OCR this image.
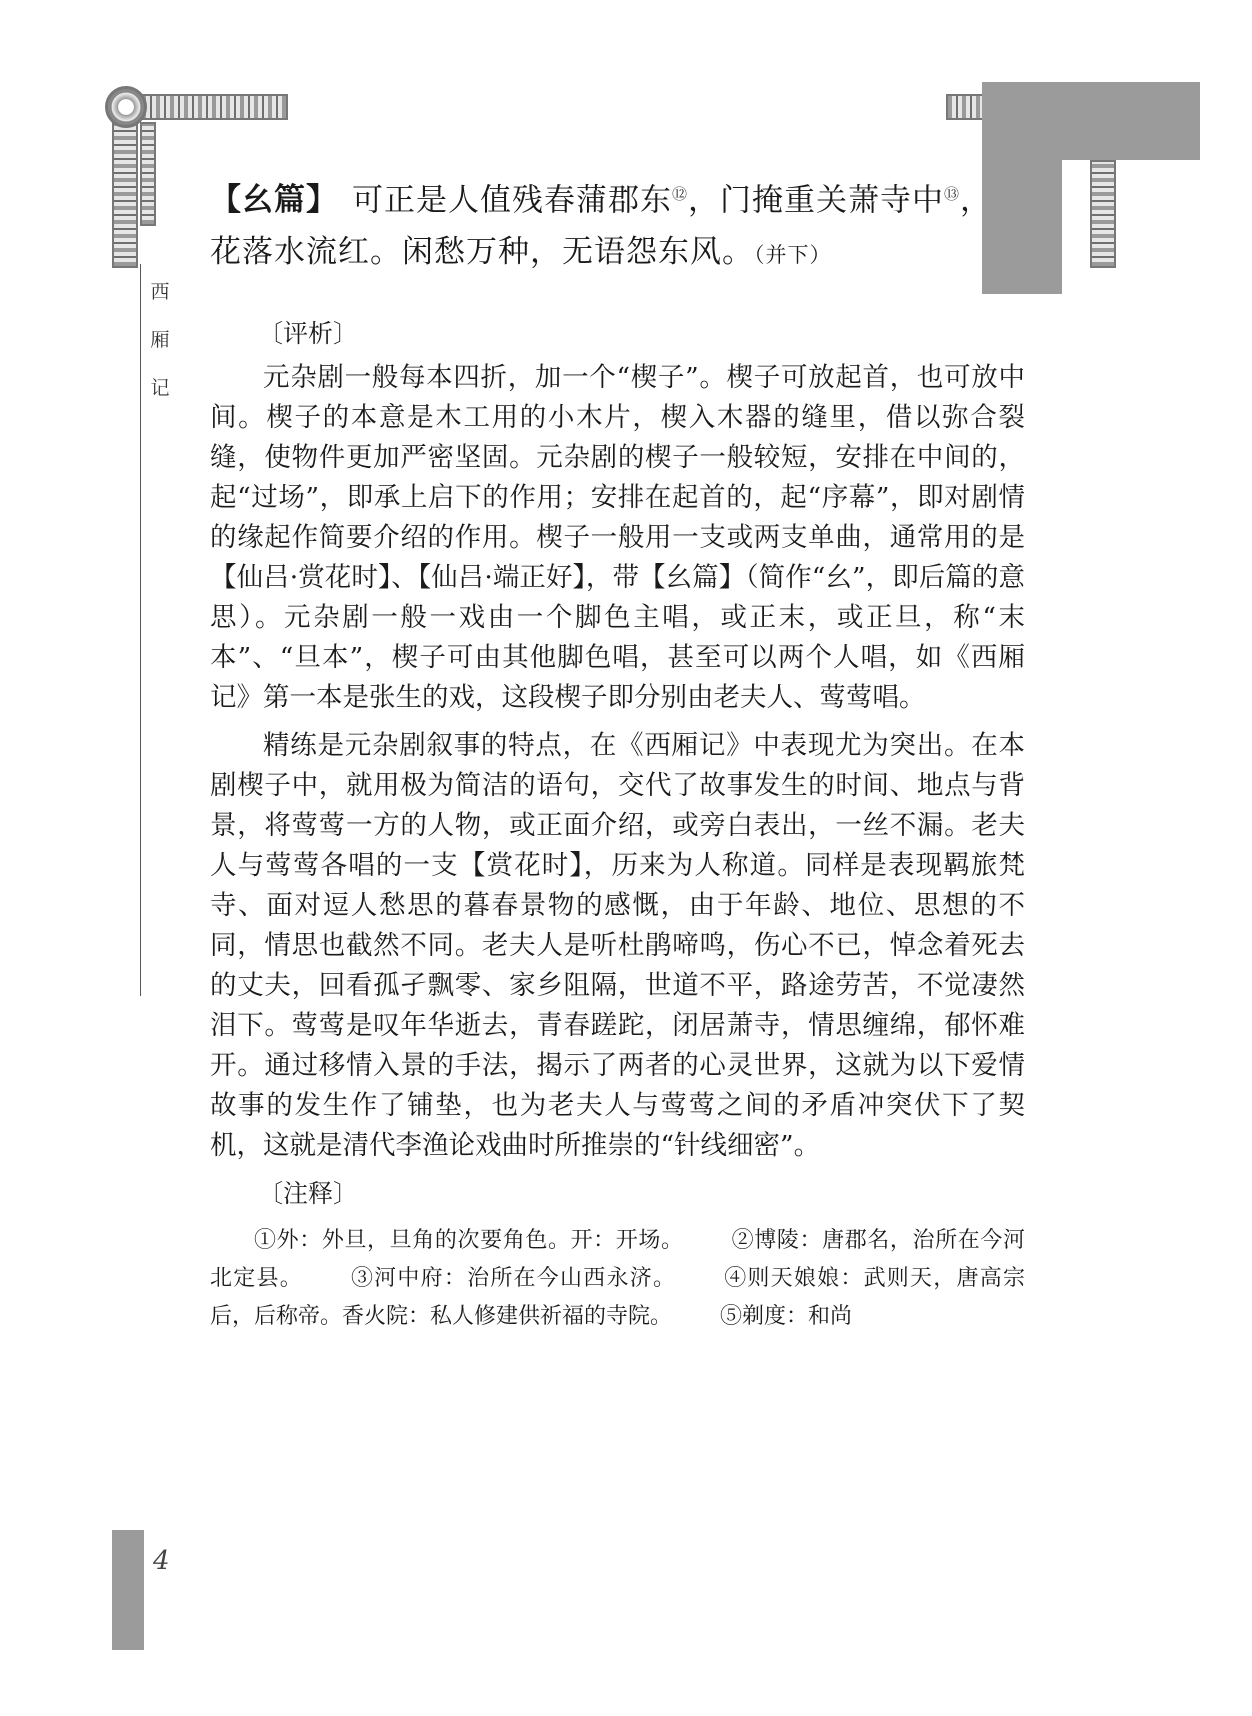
西
厢
记
【幺篇】 可正是人值残春蒲郡东⑫，门掩重关萧寺中⑬，
花落水流红。闲愁万种，无语怨东风。（并下）
〔评析〕

元杂剧一般每本四折，加一个“楔子”。楔子可放起首，也可放中间。楔子的本意是木工用的小木片，楔入木器的缝里，借以弥合裂缝，使物件更加严密坚固。元杂剧的楔子一般较短，安排在中间的，起“过场”，即承上启下的作用；安排在起首的，起“序幕”，即对剧情的缘起作简要介绍的作用。楔子一般用一支或两支单曲，通常用的是【仙吕·赏花时】、【仙吕·端正好】，带【幺篇】（简作“幺”，即后篇的意思）。元杂剧一般一戏由一个脚色主唱，或正末，或正旦，称“末本”、“旦本”，楔子可由其他脚色唱，甚至可以两个人唱，如《西厢记》第一本是张生的戏，这段楔子即分别由老夫人、莺莺唱。

精练是元杂剧叙事的特点，在《西厢记》中表现尤为突出。在本剧楔子中，就用极为简洁的语句，交代了故事发生的时间、地点与背景，将莺莺一方的人物，或正面介绍，或旁白表出，一丝不漏。老夫人与莺莺各唱的一支【赏花时】，历来为人称道。同样是表现羁旅梵寺、面对逗人愁思的暮春景物的感慨，由于年龄、地位、思想的不同，情思也截然不同。老夫人是听杜鹃啼鸣，伤心不已，悼念着死去的丈夫，回看孤孑飘零、家乡阻隔，世道不平，路途劳苦，不觉凄然泪下。莺莺是叹年华逝去，青春蹉跎，闭居萧寺，情思缠绵，郁怀难开。通过移情入景的手法，揭示了两者的心灵世界，这就为以下爱情故事的发生作了铺垫，也为老夫人与莺莺之间的矛盾冲突伏下了契机，这就是清代李渔论戏曲时所推崇的“针线细密”。

〔注释〕
①外：外旦，旦角的次要角色。开：开场。 ②博陵：唐郡名，治所在今河北定县。 ③河中府：治所在今山西永济。 ④则天娘娘：武则天，唐高宗后，后称帝。香火院：私人修建供祈福的寺院。 ⑤剃度：和尚
4
